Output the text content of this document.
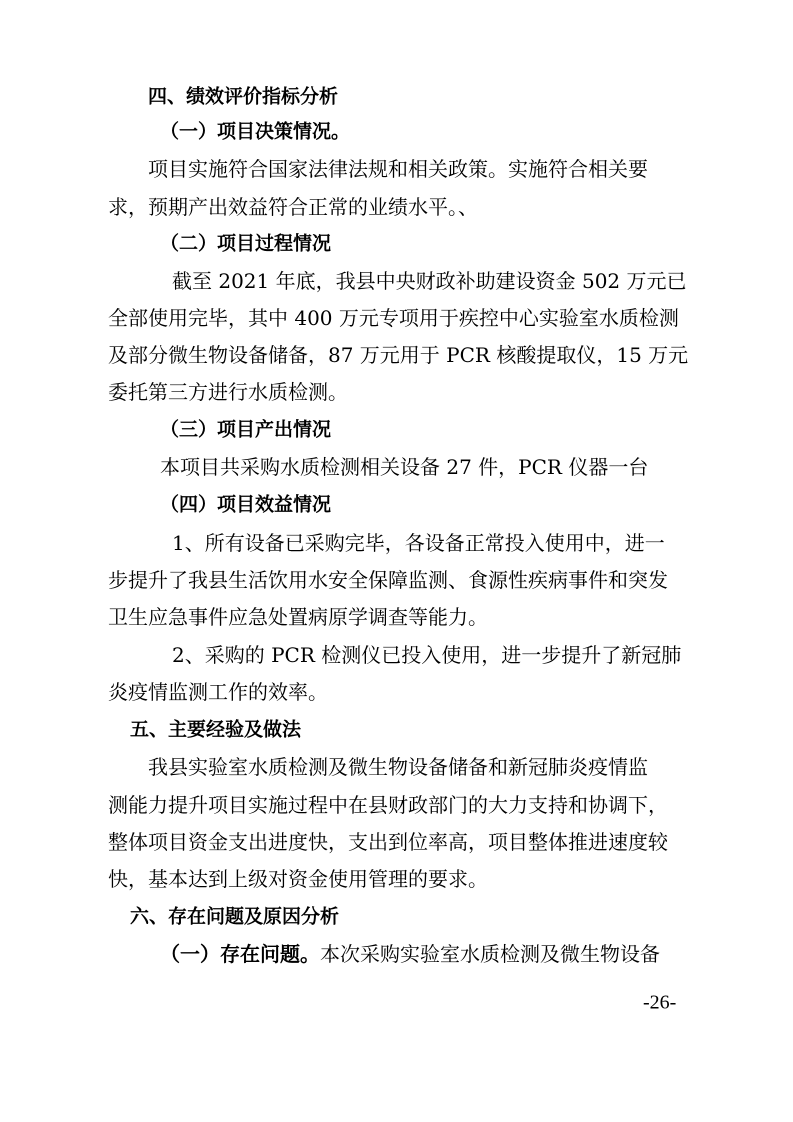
四、绩效评价指标分析
（一）项目决策情况。
项目实施符合国家法律法规和相关政策。实施符合相关要
求，预期产出效益符合正常的业绩水平。、
（二）项目过程情况
截至 2021 年底，我县中央财政补助建设资金 502 万元已
全部使用完毕，其中 400 万元专项用于疾控中心实验室水质检测
及部分微生物设备储备，87 万元用于 PCR 核酸提取仪，15 万元
委托第三方进行水质检测。
（三）项目产出情况
本项目共采购水质检测相关设备 27 件，PCR 仪器一台
（四）项目效益情况
1、所有设备已采购完毕，各设备正常投入使用中，进一
步提升了我县生活饮用水安全保障监测、食源性疾病事件和突发
卫生应急事件应急处置病原学调查等能力。
2、采购的 PCR 检测仪已投入使用，进一步提升了新冠肺
炎疫情监测工作的效率。
五、主要经验及做法
我县实验室水质检测及微生物设备储备和新冠肺炎疫情监
测能力提升项目实施过程中在县财政部门的大力支持和协调下，
整体项目资金支出进度快，支出到位率高，项目整体推进速度较
快，基本达到上级对资金使用管理的要求。
六、存在问题及原因分析
（一）存在问题。本次采购实验室水质检测及微生物设备
-26-
